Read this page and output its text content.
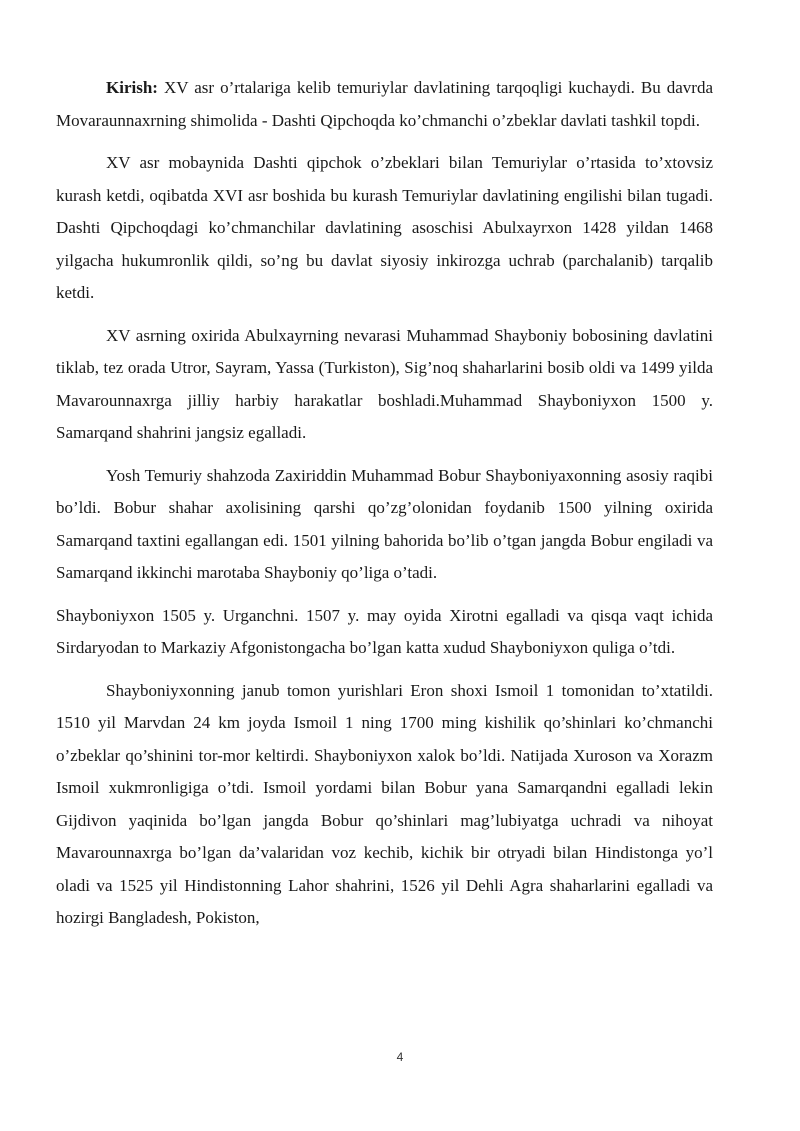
Kirish: XV asr o’rtalariga kelib temuriylar davlatining tarqoqligi kuchaydi. Bu davrda Movaraunnaxrning shimolida - Dashti Qipchoqda ko’chmanchi o’zbeklar davlati tashkil topdi.

XV asr mobaynida Dashti qipchok o’zbeklari bilan Temuriylar o’rtasida to’xtovsiz kurash ketdi, oqibatda XVI asr boshida bu kurash Temuriylar davlatining engilishi bilan tugadi. Dashti Qipchoqdagi ko’chmanchilar davlatining asoschisi Abulxayrxon 1428 yildan 1468 yilgacha hukumronlik qildi, so’ng bu davlat siyosiy inkirozga uchrab (parchalanib) tarqalib ketdi.

XV asrning oxirida Abulxayrning nevarasi Muhammad Shayboniy bobosining davlatini tiklab, tez orada Utror, Sayram, Yassa (Turkiston), Sig’noq shaharlarini bosib oldi va 1499 yilda Mavarounnaxrga jilliy harbiy harakatlar boshladi.Muhammad Shayboniyxon 1500 y. Samarqand shahrini jangsiz egalladi.

Yosh Temuriy shahzoda Zaxiriddin Muhammad Bobur Shayboniyaxonning asosiy raqibi bo’ldi. Bobur shahar axolisining qarshi qo’zg’olonidan foydanib 1500 yilning oxirida Samarqand taxtini egallangan edi. 1501 yilning bahorida bo’lib o’tgan jangda Bobur engiladi va Samarqand ikkinchi marotaba Shayboniy qo’liga o’tadi.

Shayboniyxon 1505 y. Urganchni. 1507 y. may oyida Xirotni egalladi va qisqa vaqt ichida Sirdaryodan to Markaziy Afgonistongacha bo’lgan katta xudud Shayboniyxon quliga o’tdi.

Shayboniyxonning janub tomon yurishlari Eron shoxi Ismoil 1 tomonidan to’xtatildi. 1510 yil Marvdan 24 km joyda Ismoil 1 ning 1700 ming kishilik qo’shinlari ko’chmanchi o’zbeklar qo’shinini tor-mor keltirdi. Shayboniyxon xalok bo’ldi. Natijada Xuroson va Xorazm Ismoil xukmronligiga o’tdi. Ismoil yordami bilan Bobur yana Samarqandni egalladi lekin Gijdivon yaqinida bo’lgan jangda Bobur qo’shinlari mag’lubiyatga uchradi va nihoyat Mavarounnaxrga bo’lgan da’valaridan voz kechib, kichik bir otryadi bilan Hindistonga yo’l oladi va 1525 yil Hindistonning Lahor shahrini, 1526 yil Dehli Agra shaharlarini egalladi va hozirgi Bangladesh, Pokiston,

4
